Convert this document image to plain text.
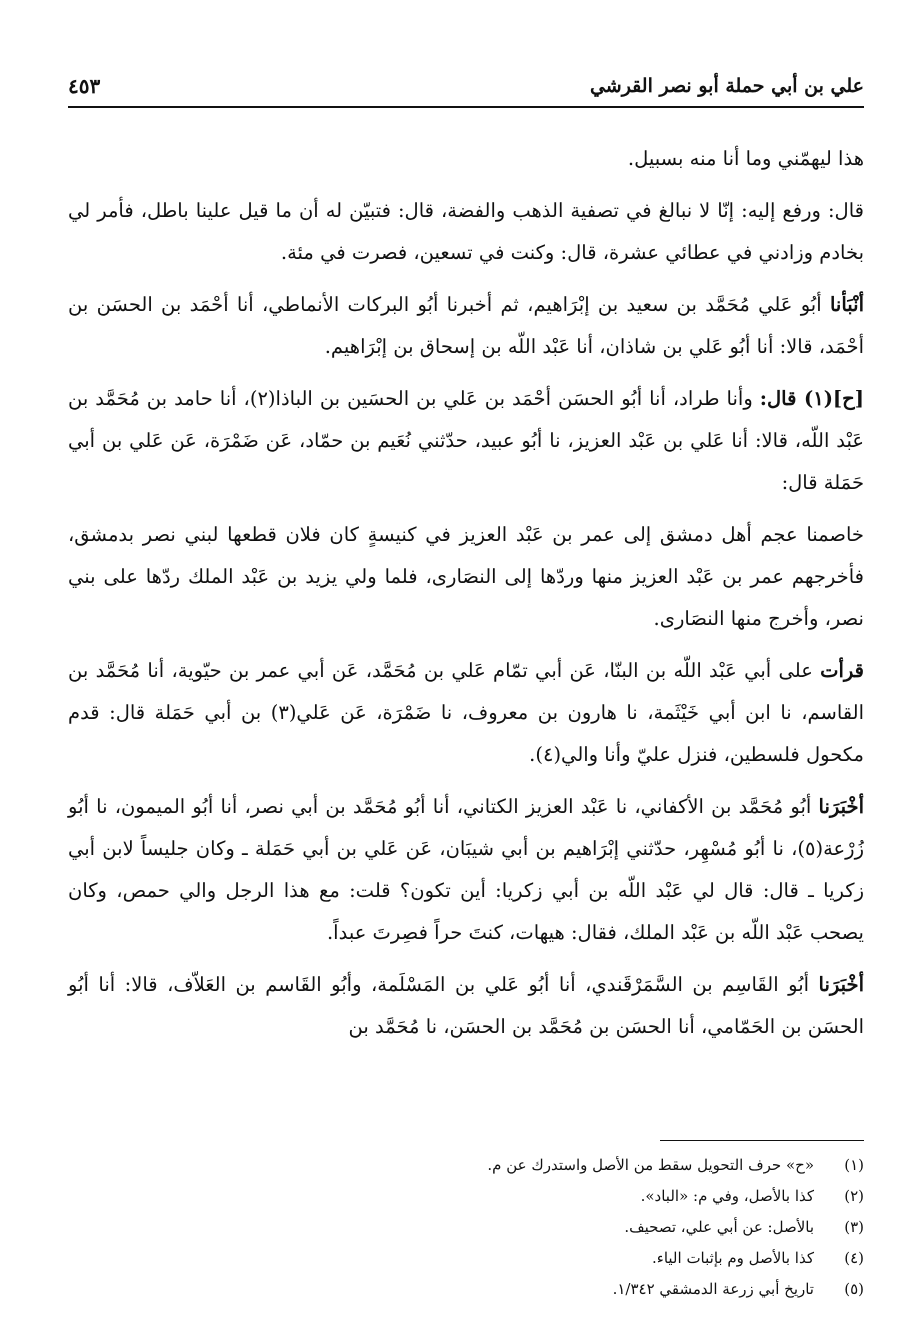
علي بن أبي حملة أبو نصر القرشي
٤٥٣

هذا ليهمّني وما أنا منه بسبيل.

قال: ورفع إليه: إنّا لا نبالغ في تصفية الذهب والفضة، قال: فتبيّن له أن ما قيل علينا باطل، فأمر لي بخادم وزادني في عطائي عشرة، قال: وكنت في تسعين، فصرت في مئة.

أنْبَأنا أبُو عَلي مُحَمَّد بن سعيد بن إبْرَاهيم، ثم أخبرنا أبُو البركات الأنماطي، أنا أحْمَد بن الحسَن بن أحْمَد، قالا: أنا أبُو عَلي بن شاذان، أنا عَبْد اللّه بن إسحاق بن إبْرَاهيم.

[ح](١) قال: وأنا طراد، أنا أبُو الحسَن أحْمَد بن عَلي بن الحسَين بن الباذا(٢)، أنا حامد بن مُحَمَّد بن عَبْد اللّه، قالا: أنا عَلي بن عَبْد العزيز، نا أبُو عبيد، حدّثني نُعَيم بن حمّاد، عَن ضَمْرَة، عَن عَلي بن أبي حَمَلة قال:

خاصمنا عجم أهل دمشق إلى عمر بن عَبْد العزيز في كنيسةٍ كان فلان قطعها لبني نصر بدمشق، فأخرجهم عمر بن عَبْد العزيز منها وردّها إلى النصَارى، فلما ولي يزيد بن عَبْد الملك ردّها على بني نصر، وأخرج منها النصَارى.

قرأت على أبي عَبْد اللّه بن البنّا، عَن أبي تمّام عَلي بن مُحَمَّد، عَن أبي عمر بن حيّوية، أنا مُحَمَّد بن القاسم، نا ابن أبي خَيْثَمة، نا هارون بن معروف، نا ضَمْرَة، عَن عَلي(٣) بن أبي حَمَلة قال: قدم مكحول فلسطين، فنزل عليّ وأنا والي(٤).

أخْبَرَنا أبُو مُحَمَّد بن الأكفاني، نا عَبْد العزيز الكتاني، أنا أبُو مُحَمَّد بن أبي نصر، أنا أبُو الميمون، نا أبُو زُرْعة(٥)، نا أبُو مُسْهِر، حدّثني إبْرَاهيم بن أبي شيبَان، عَن عَلي بن أبي حَمَلة ـ وكان جليساً لابن أبي زكريا ـ قال: قال لي عَبْد اللّه بن أبي زكريا: أين تكون؟ قلت: مع هذا الرجل والي حمص، وكان يصحب عَبْد اللّه بن عَبْد الملك، فقال: هيهات، كنتَ حراً فصِرتَ عبداً.

أخْبَرَنا أبُو القَاسِم بن السَّمَرْقَندي، أنا أبُو عَلي بن المَسْلَمة، وأبُو القَاسم بن العَلاّف، قالا: أنا أبُو الحسَن بن الحَمّامي، أنا الحسَن بن مُحَمَّد بن الحسَن، نا مُحَمَّد بن

(١)
«ح» حرف التحويل سقط من الأصل واستدرك عن م.
(٢)
كذا بالأصل، وفي م: «الباد».
(٣)
بالأصل: عن أبي علي، تصحيف.
(٤)
كذا بالأصل وم بإثبات الياء.
(٥)
تاريخ أبي زرعة الدمشقي ١/٣٤٢.
